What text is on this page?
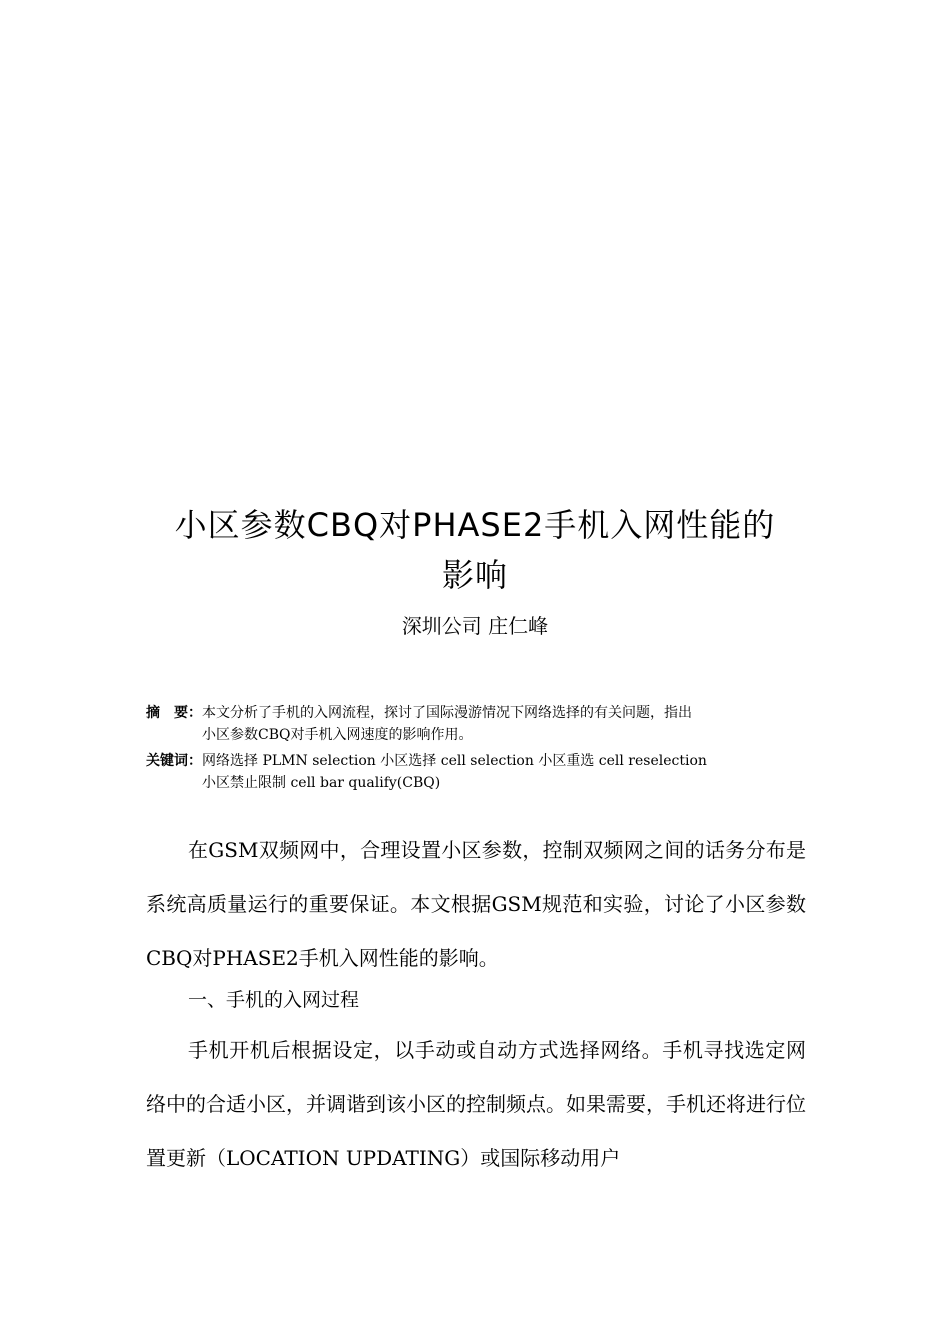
小区参数CBQ对PHASE2手机入网性能的
影响
深圳公司 庄仁峰
摘　要：本文分析了手机的入网流程，探讨了国际漫游情况下网络选择的有关问题，指出
小区参数CBQ对手机入网速度的影响作用。
关键词：网络选择 PLMN selection 小区选择 cell selection 小区重选 cell reselection
小区禁止限制 cell bar qualify(CBQ)

在GSM双频网中，合理设置小区参数，控制双频网之间的话务分布是系统高质量运行的重要保证。本文根据GSM规范和实验，讨论了小区参数CBQ对PHASE2手机入网性能的影响。

一、手机的入网过程

手机开机后根据设定，以手动或自动方式选择网络。手机寻找选定网络中的合适小区，并调谐到该小区的控制频点。如果需要，手机还将进行位置更新（LOCATION UPDATING）或国际移动用户
